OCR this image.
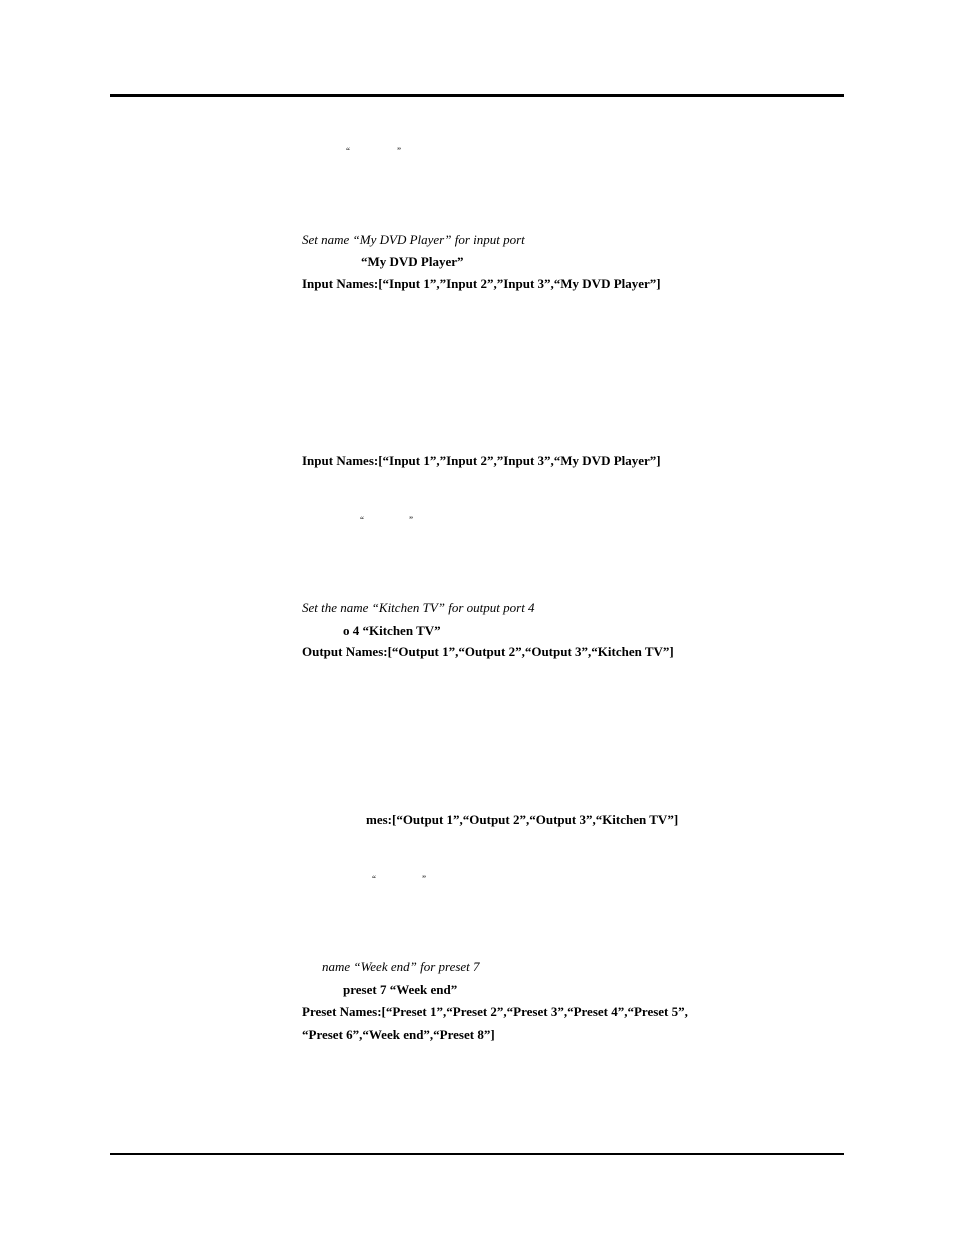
“	”
Set name “My DVD Player” for input port
“My DVD Player”
Input Names:[“Input 1”,”Input 2”,”Input 3”,“My DVD Player”]
Input Names:[“Input 1”,”Input 2”,”Input 3”,“My DVD Player”]
“	”
Set the name “Kitchen TV” for output port 4
o 4 “Kitchen TV”
Output Names:[“Output 1”,“Output 2”,“Output 3”,“Kitchen TV”]
mes:[“Output 1”,“Output 2”,“Output 3”,“Kitchen TV”]
“	”
name “Week end” for preset 7
preset 7 “Week end”
Preset Names:[“Preset 1”,“Preset 2”,“Preset 3”,“Preset 4”,“Preset 5”,
“Preset 6”,“Week end”,“Preset 8”]
